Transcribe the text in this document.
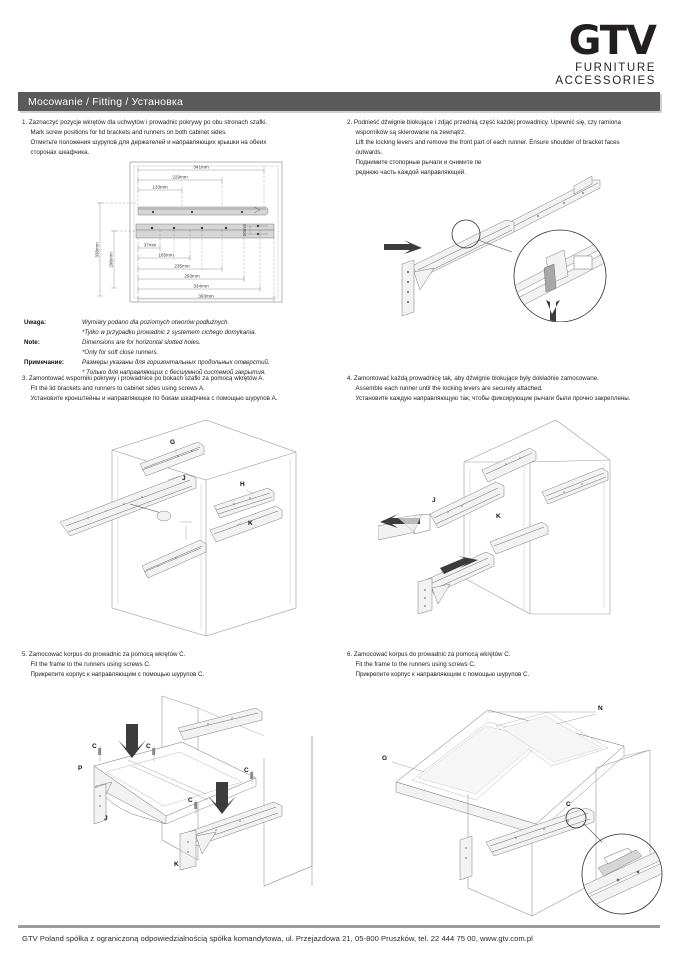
GTV
FURNITURE
ACCESSORIES
Mocowanie / Fitting / Установка
1. Zaznaczyć pozycje wkrętów dla uchwytów i prowadnic pokrywy po obu stronach szafki.
Mark screw positions for lid brackets and runners on both cabinet sides.
Отметьте положения шурупов для держателей и направляющих крышки на обеих
сторонах шкафчика.
2. Podnieść dźwignie blokujące i zdjąć przednią część każdej prowadnicy. Upewnić się, czy ramiona
wsporników są skierowane na zewnątrz.
Lift the locking levers and remove the front part of each runner. Ensure shoulder of bracket faces
outwards.
Поднимите стопорные рычаги и снимите пе
реднюю часть каждой направляющей.
341mm
229mm
133mm
338mm
296mm
20mm
37mm
165mm
235mm
293mm
334mm
393mm
Uwaga:	Wymiary podano dla poziomych otworów podłużnych.
*Tylko w przypadku prowadnic z systemem cichego domykania.
Note:	Dimensions are for horizontal slotted holes.
*Only for soft close runners.
Примечание:	Размеры указаны для горизонтальных продольных отверстий.
* Только для направляющих с бесшумной системой закрытия.
3. Zamontować wsporniki pokrywy i prowadnice po bokach szafki za pomocą wkrętów A.
Fit the lid brackets and runners to cabinet sides using screws A.
Установите кронштейны и направляющие по бокам шкафчика с помощью шурупов A.
4. Zamontować każdą prowadnicę tak, aby dźwignie blokujące były dokładnie zamocowane.
Assemble each runner until the locking levers are securely attached.
Установите каждую направляющую так, чтобы фиксирующие рычаги были прочно закреплены.
G
J
H
K
J
K
5. Zamocować korpus do prowadnic za pomocą wkrętów C.
Fit the frame to the runners using screws C.
Прикрепите корпус к направляющим с помощью шурупов C.
6. Zamocować korpus do prowadnic za pomocą wkrętów C.
Fit the frame to the runners using screws C.
Прикрепите корпус к направляющим с помощью шурупов C.
C
C
C
C
P
J
K
N
G
C
GTV Poland spółka z ograniczoną odpowiedzialnością spółka komandytowa, ul. Przejazdowa 21, 05-800 Pruszków, tel. 22 444 75 00, www.gtv.com.pl
